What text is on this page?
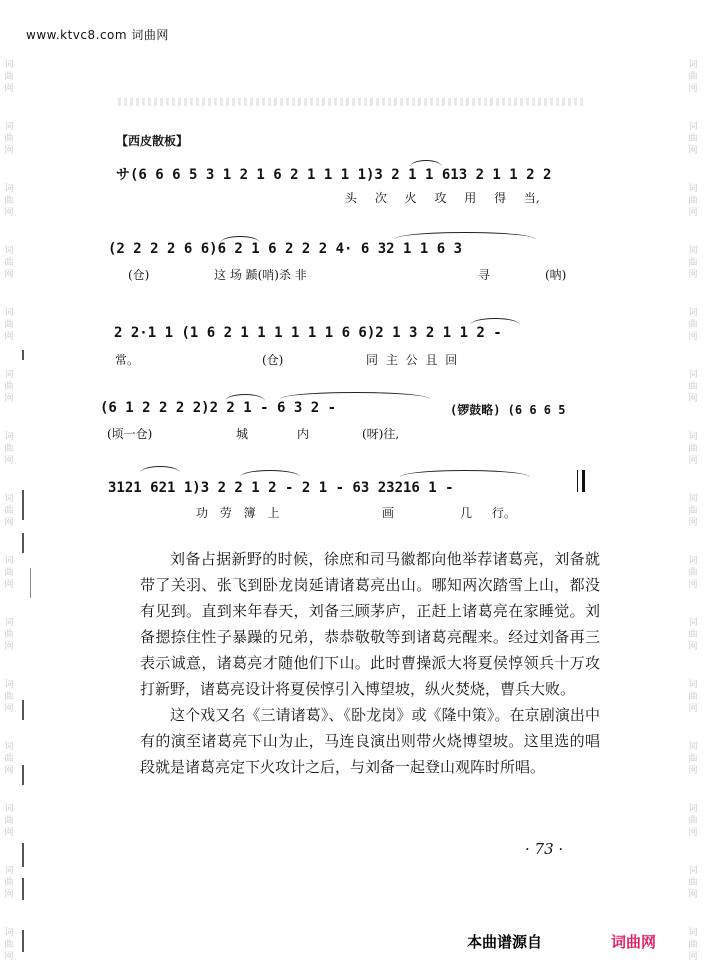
www.ktvc8.com 词曲网
词
曲
网
词
曲
网
词
曲
网
词
曲
网
词
曲
网
词
曲
网
词
曲
网
词
曲
网
词
曲
网
词
曲
网
词
曲
网
词
曲
网
词
曲
网
词
曲
网
词
曲
网
词
曲
网
词
曲
网
词
曲
网
词
曲
网
词
曲
网
词
曲
网
词
曲
网
词
曲
网
词
曲
网
词
曲
网
词
曲
网
词
曲
网
词
曲
网
词
曲
网
词
曲
网
【西皮散板】
サ(6 6 6 5 3 1 2 1 6 2 1 1 1 1)3 2 1 1 613 2 1 1 2 2
头 次 火 攻 用 得 当,
(2 2 2 2 6 6)6 2 1 6 2 2 2 4· 6 32 1 1 6 3
(仓)	这 场 踬(哨)杀 非	寻	(呐)
2 2·1 1 (1 6 2 1 1 1 1 1 1 6 6)2 1 3 2 1 1 2 -
常。	(仓)	同 主 公 且 回
(6 1 2 2 2 2)2 2 1 - 6 3 2 -	(锣鼓略) (6 6 6 5
(顷一仓)	城	内	(呀)往,
3121 621 1)3 2 2 1 2 - 2 1 - 63 23216 1 -
功 劳 簿 上	画	几 行。

刘备占据新野的时候，徐庶和司马徽都向他举荐诸葛亮，刘备就带了关羽、张飞到卧龙岗延请诸葛亮出山。哪知两次踏雪上山，都没有见到。直到来年春天，刘备三顾茅庐，正赶上诸葛亮在家睡觉。刘备摁捺住性子暴躁的兄弟，恭恭敬敬等到诸葛亮醒来。经过刘备再三表示诚意，诸葛亮才随他们下山。此时曹操派大将夏侯惇领兵十万攻打新野，诸葛亮设计将夏侯惇引入博望坡，纵火焚烧，曹兵大败。

这个戏又名《三请诸葛》、《卧龙岗》或《隆中策》。在京剧演出中有的演至诸葛亮下山为止，马连良演出则带火烧博望坡。这里选的唱段就是诸葛亮定下火攻计之后，与刘备一起登山观阵时所唱。

· 73 ·
本曲谱源自	词曲网
